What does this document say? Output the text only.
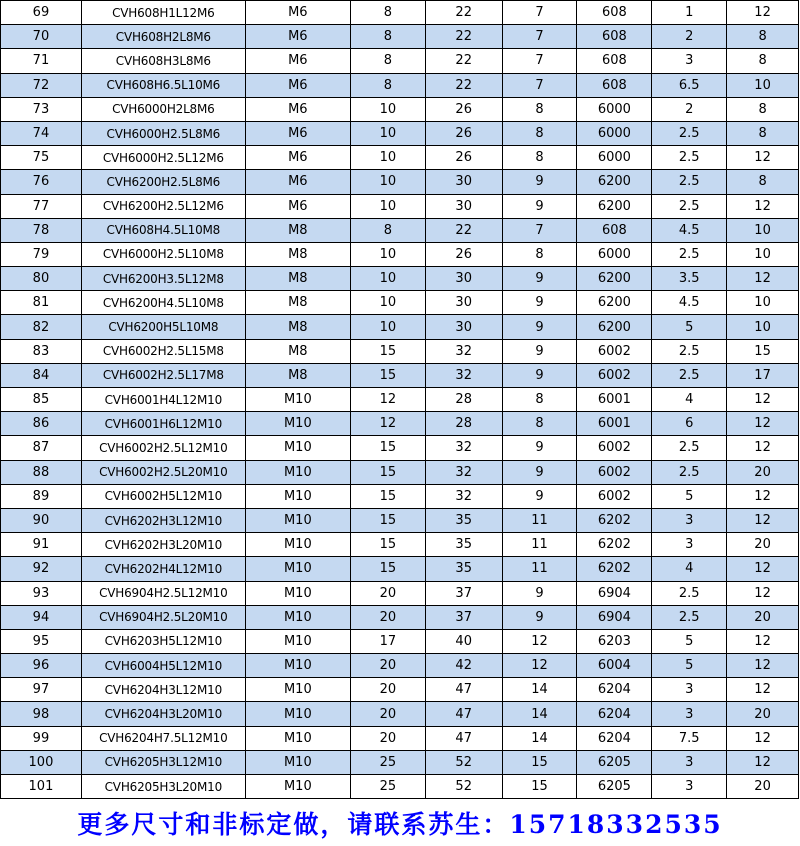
69	CVH608H1L12M6	M6	8	22	7	608	1	12
70	CVH608H2L8M6	M6	8	22	7	608	2	8
71	CVH608H3L8M6	M6	8	22	7	608	3	8
72	CVH608H6.5L10M6	M6	8	22	7	608	6.5	10
73	CVH6000H2L8M6	M6	10	26	8	6000	2	8
74	CVH6000H2.5L8M6	M6	10	26	8	6000	2.5	8
75	CVH6000H2.5L12M6	M6	10	26	8	6000	2.5	12
76	CVH6200H2.5L8M6	M6	10	30	9	6200	2.5	8
77	CVH6200H2.5L12M6	M6	10	30	9	6200	2.5	12
78	CVH608H4.5L10M8	M8	8	22	7	608	4.5	10
79	CVH6000H2.5L10M8	M8	10	26	8	6000	2.5	10
80	CVH6200H3.5L12M8	M8	10	30	9	6200	3.5	12
81	CVH6200H4.5L10M8	M8	10	30	9	6200	4.5	10
82	CVH6200H5L10M8	M8	10	30	9	6200	5	10
83	CVH6002H2.5L15M8	M8	15	32	9	6002	2.5	15
84	CVH6002H2.5L17M8	M8	15	32	9	6002	2.5	17
85	CVH6001H4L12M10	M10	12	28	8	6001	4	12
86	CVH6001H6L12M10	M10	12	28	8	6001	6	12
87	CVH6002H2.5L12M10	M10	15	32	9	6002	2.5	12
88	CVH6002H2.5L20M10	M10	15	32	9	6002	2.5	20
89	CVH6002H5L12M10	M10	15	32	9	6002	5	12
90	CVH6202H3L12M10	M10	15	35	11	6202	3	12
91	CVH6202H3L20M10	M10	15	35	11	6202	3	20
92	CVH6202H4L12M10	M10	15	35	11	6202	4	12
93	CVH6904H2.5L12M10	M10	20	37	9	6904	2.5	12
94	CVH6904H2.5L20M10	M10	20	37	9	6904	2.5	20
95	CVH6203H5L12M10	M10	17	40	12	6203	5	12
96	CVH6004H5L12M10	M10	20	42	12	6004	5	12
97	CVH6204H3L12M10	M10	20	47	14	6204	3	12
98	CVH6204H3L20M10	M10	20	47	14	6204	3	20
99	CVH6204H7.5L12M10	M10	20	47	14	6204	7.5	12
100	CVH6205H3L12M10	M10	25	52	15	6205	3	12
101	CVH6205H3L20M10	M10	25	52	15	6205	3	20
更多尺寸和非标定做，请联系苏生：15718332535
